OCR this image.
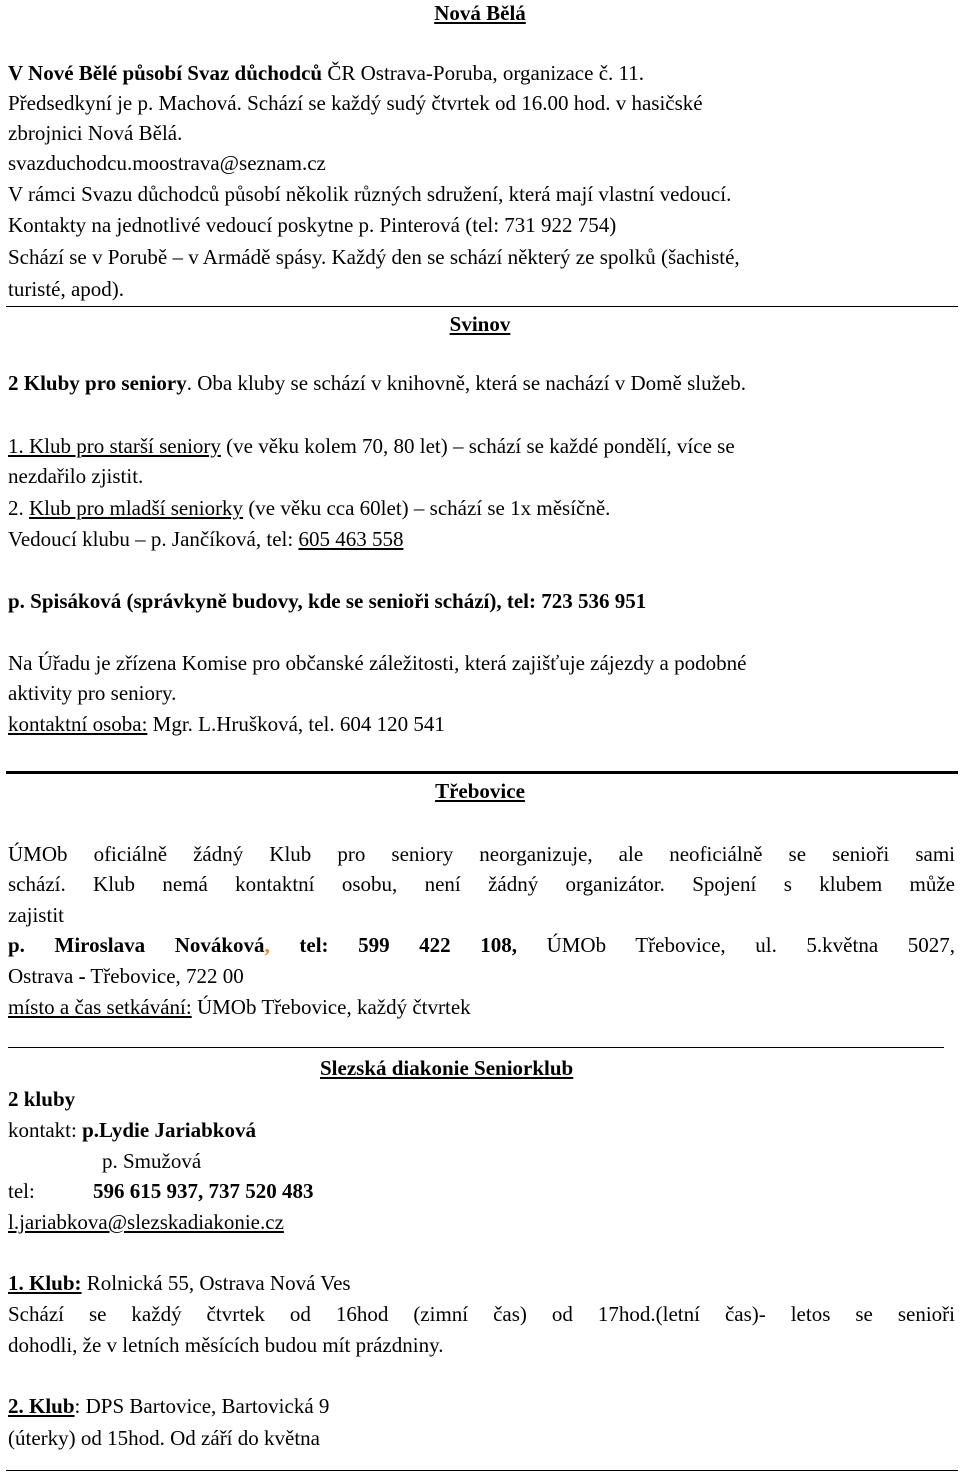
Nová Bělá
V Nové Bělé působí Svaz důchodců ČR Ostrava-Poruba, organizace č. 11.
Předsedkyní je p. Machová. Schází se každý sudý čtvrtek od 16.00 hod. v hasičské
zbrojnici Nová Bělá.
svazduchodcu.moostrava@seznam.cz
V rámci Svazu důchodců působí několik různých sdružení, která mají vlastní vedoucí.
Kontakty na jednotlivé vedoucí poskytne p. Pinterová (tel: 731 922 754)
Schází se v Porubě – v Armádě spásy. Každý den se schází některý ze spolků (šachisté,
turisté, apod).
Svinov
2 Kluby pro seniory. Oba kluby se schází v knihovně, která se nachází v Domě služeb.
1. Klub pro starší seniory (ve věku kolem 70, 80 let) – schází se každé pondělí, více se
nezdařilo zjistit.
2. Klub pro mladší seniorky (ve věku cca 60let) – schází se 1x měsíčně.
Vedoucí klubu – p. Jančíková, tel: 605 463 558
p. Spisáková (správkyně budovy, kde se senioři schází), tel: 723 536 951
Na Úřadu je zřízena Komise pro občanské záležitosti, která zajišťuje zájezdy a podobné
aktivity pro seniory.
kontaktní osoba: Mgr. L.Hrušková, tel. 604 120 541
Třebovice
ÚMOb oficiálně žádný Klub pro seniory neorganizuje, ale neoficiálně se senioři sami
schází. Klub nemá kontaktní osobu, není žádný organizátor. Spojení s klubem může
zajistit
p. Miroslava Nováková, tel: 599 422 108, ÚMOb Třebovice, ul. 5.května 5027,
Ostrava - Třebovice, 722 00
místo a čas setkávání: ÚMOb Třebovice, každý čtvrtek
Slezská diakonie Seniorklub
2 kluby
kontakt: p.Lydie Jariabková
p. Smužová
tel:	596 615 937, 737 520 483
l.jariabkova@slezskadiakonie.cz
1. Klub: Rolnická 55, Ostrava Nová Ves
Schází se každý čtvrtek od 16hod (zimní čas) od 17hod.(letní čas)- letos se senioři
dohodli, že v letních měsících budou mít prázdniny.
2. Klub: DPS Bartovice, Bartovická 9
(úterky) od 15hod. Od září do května
